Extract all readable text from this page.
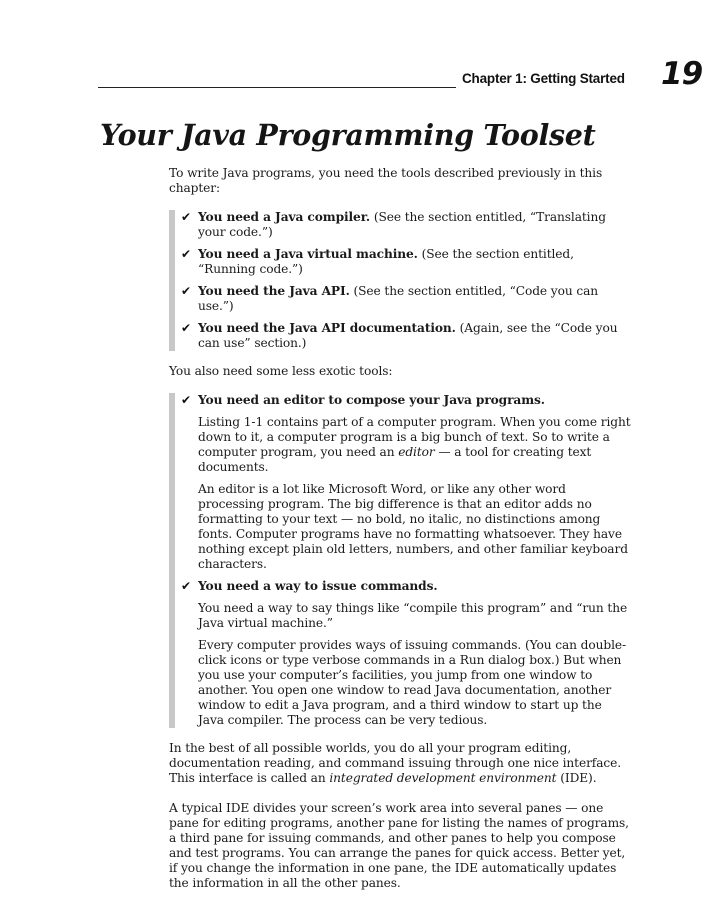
Chapter 1: Getting Started 19
Your Java Programming Toolset

To write Java programs, you need the tools described previously in this chapter:

✔ You need a Java compiler. (See the section entitled, “Translating your code.”)
✔ You need a Java virtual machine. (See the section entitled, “Running code.”)
✔ You need the Java API. (See the section entitled, “Code you can use.”)
✔ You need the Java API documentation. (Again, see the “Code you can use” section.)

You also need some less exotic tools:

✔ You need an editor to compose your Java programs.

Listing 1-1 contains part of a computer program. When you come right down to it, a computer program is a big bunch of text. So to write a computer program, you need an editor — a tool for creating text documents.

An editor is a lot like Microsoft Word, or like any other word processing program. The big difference is that an editor adds no formatting to your text — no bold, no italic, no distinctions among fonts. Computer programs have no formatting whatsoever. They have nothing except plain old letters, numbers, and other familiar keyboard characters.

✔ You need a way to issue commands.

You need a way to say things like “compile this program” and “run the Java virtual machine.”

Every computer provides ways of issuing commands. (You can double-click icons or type verbose commands in a Run dialog box.) But when you use your computer’s facilities, you jump from one window to another. You open one window to read Java documentation, another window to edit a Java program, and a third window to start up the Java compiler. The process can be very tedious.

In the best of all possible worlds, you do all your program editing, documentation reading, and command issuing through one nice interface. This interface is called an integrated development environment (IDE).

A typical IDE divides your screen’s work area into several panes — one pane for editing programs, another pane for listing the names of programs, a third pane for issuing commands, and other panes to help you compose and test programs. You can arrange the panes for quick access. Better yet, if you change the information in one pane, the IDE automatically updates the information in all the other panes.
